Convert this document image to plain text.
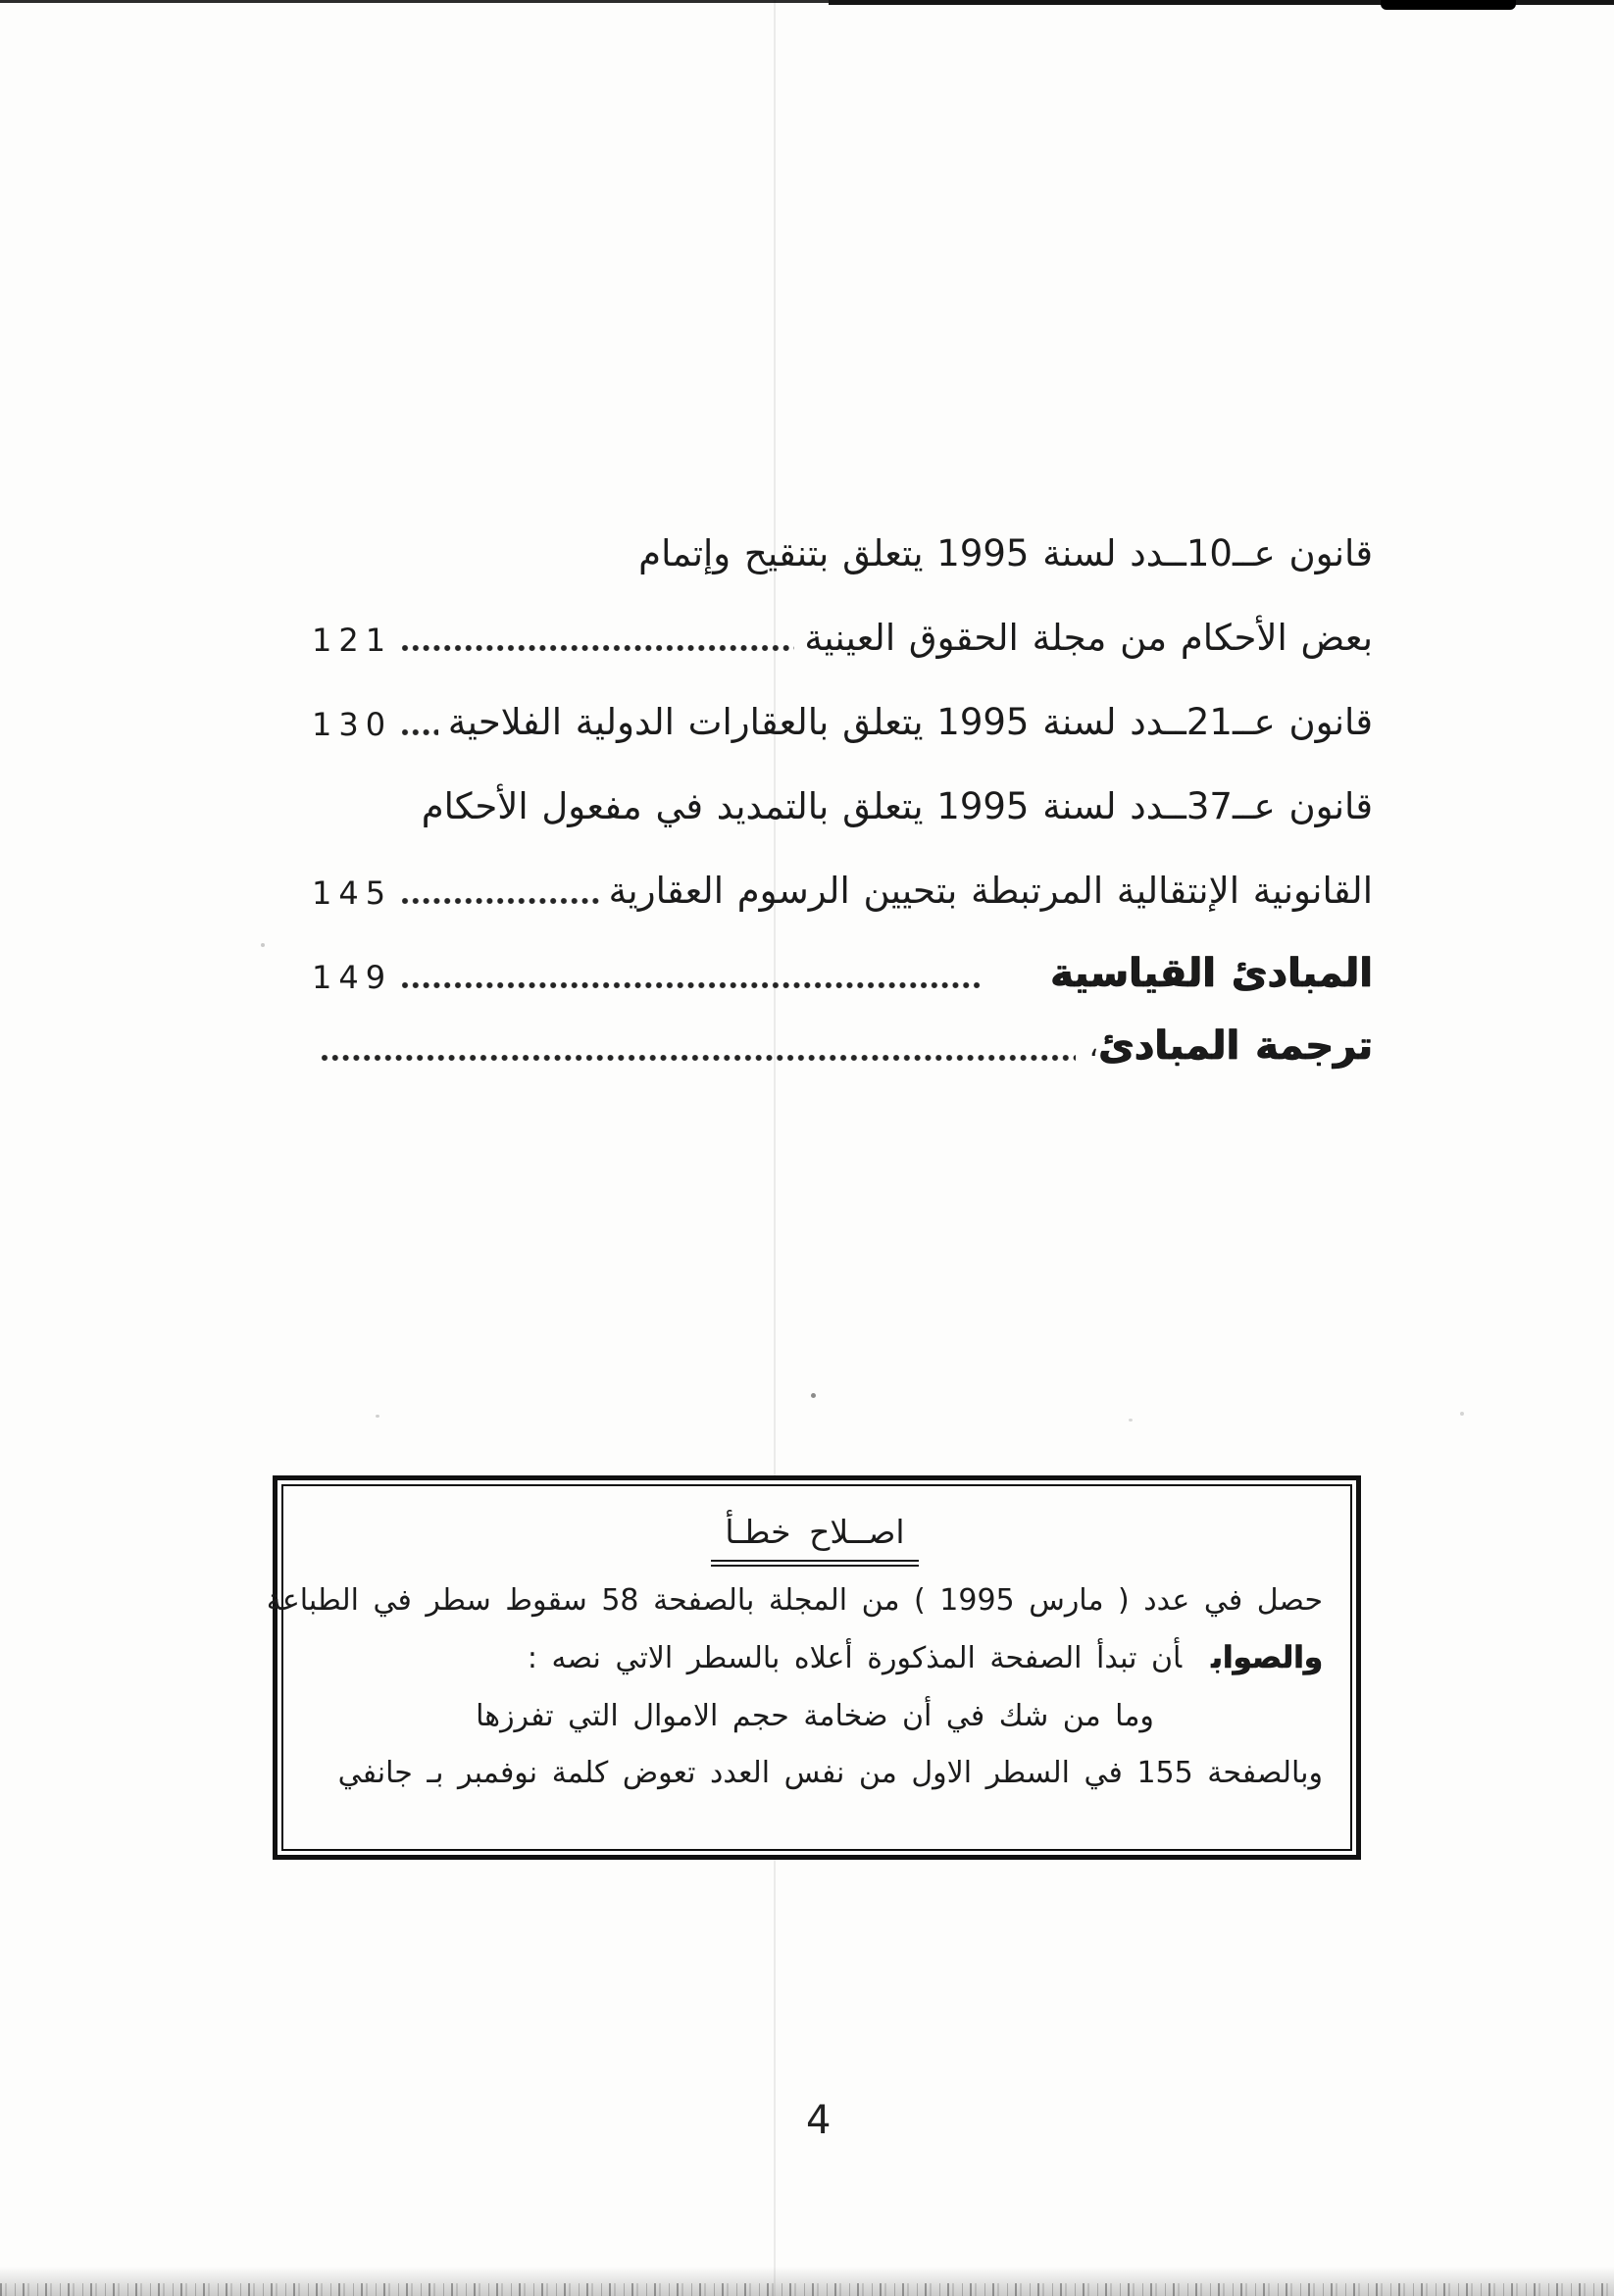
قانون عــ10ــدد لسنة 1995 يتعلق بتنقيح وإتمام
بعض الأحكام من مجلة الحقوق العينية
121
قانون عــ21ــدد لسنة 1995 يتعلق بالعقارات الدولية الفلاحية
130
قانون عــ37ــدد لسنة 1995 يتعلق بالتمديد في مفعول الأحكام
القانونية الإنتقالية المرتبطة بتحيين الرسوم العقارية
145
المبادئ القياسية
149
ترجمة المبادئ
،
اصــلاح خطـأ
حصل في عدد ( مارس 1995 ) من المجلة بالصفحة 58 سقوط سطر في الطباعة
والصوابأن تبدأ الصفحة المذكورة أعلاه بالسطر الاتي نصه :
وما من شك في أن ضخامة حجم الاموال التي تفرزها
وبالصفحة 155 في السطر الاول من نفس العدد تعوض كلمة نوفمبر بـ جانفي
4
